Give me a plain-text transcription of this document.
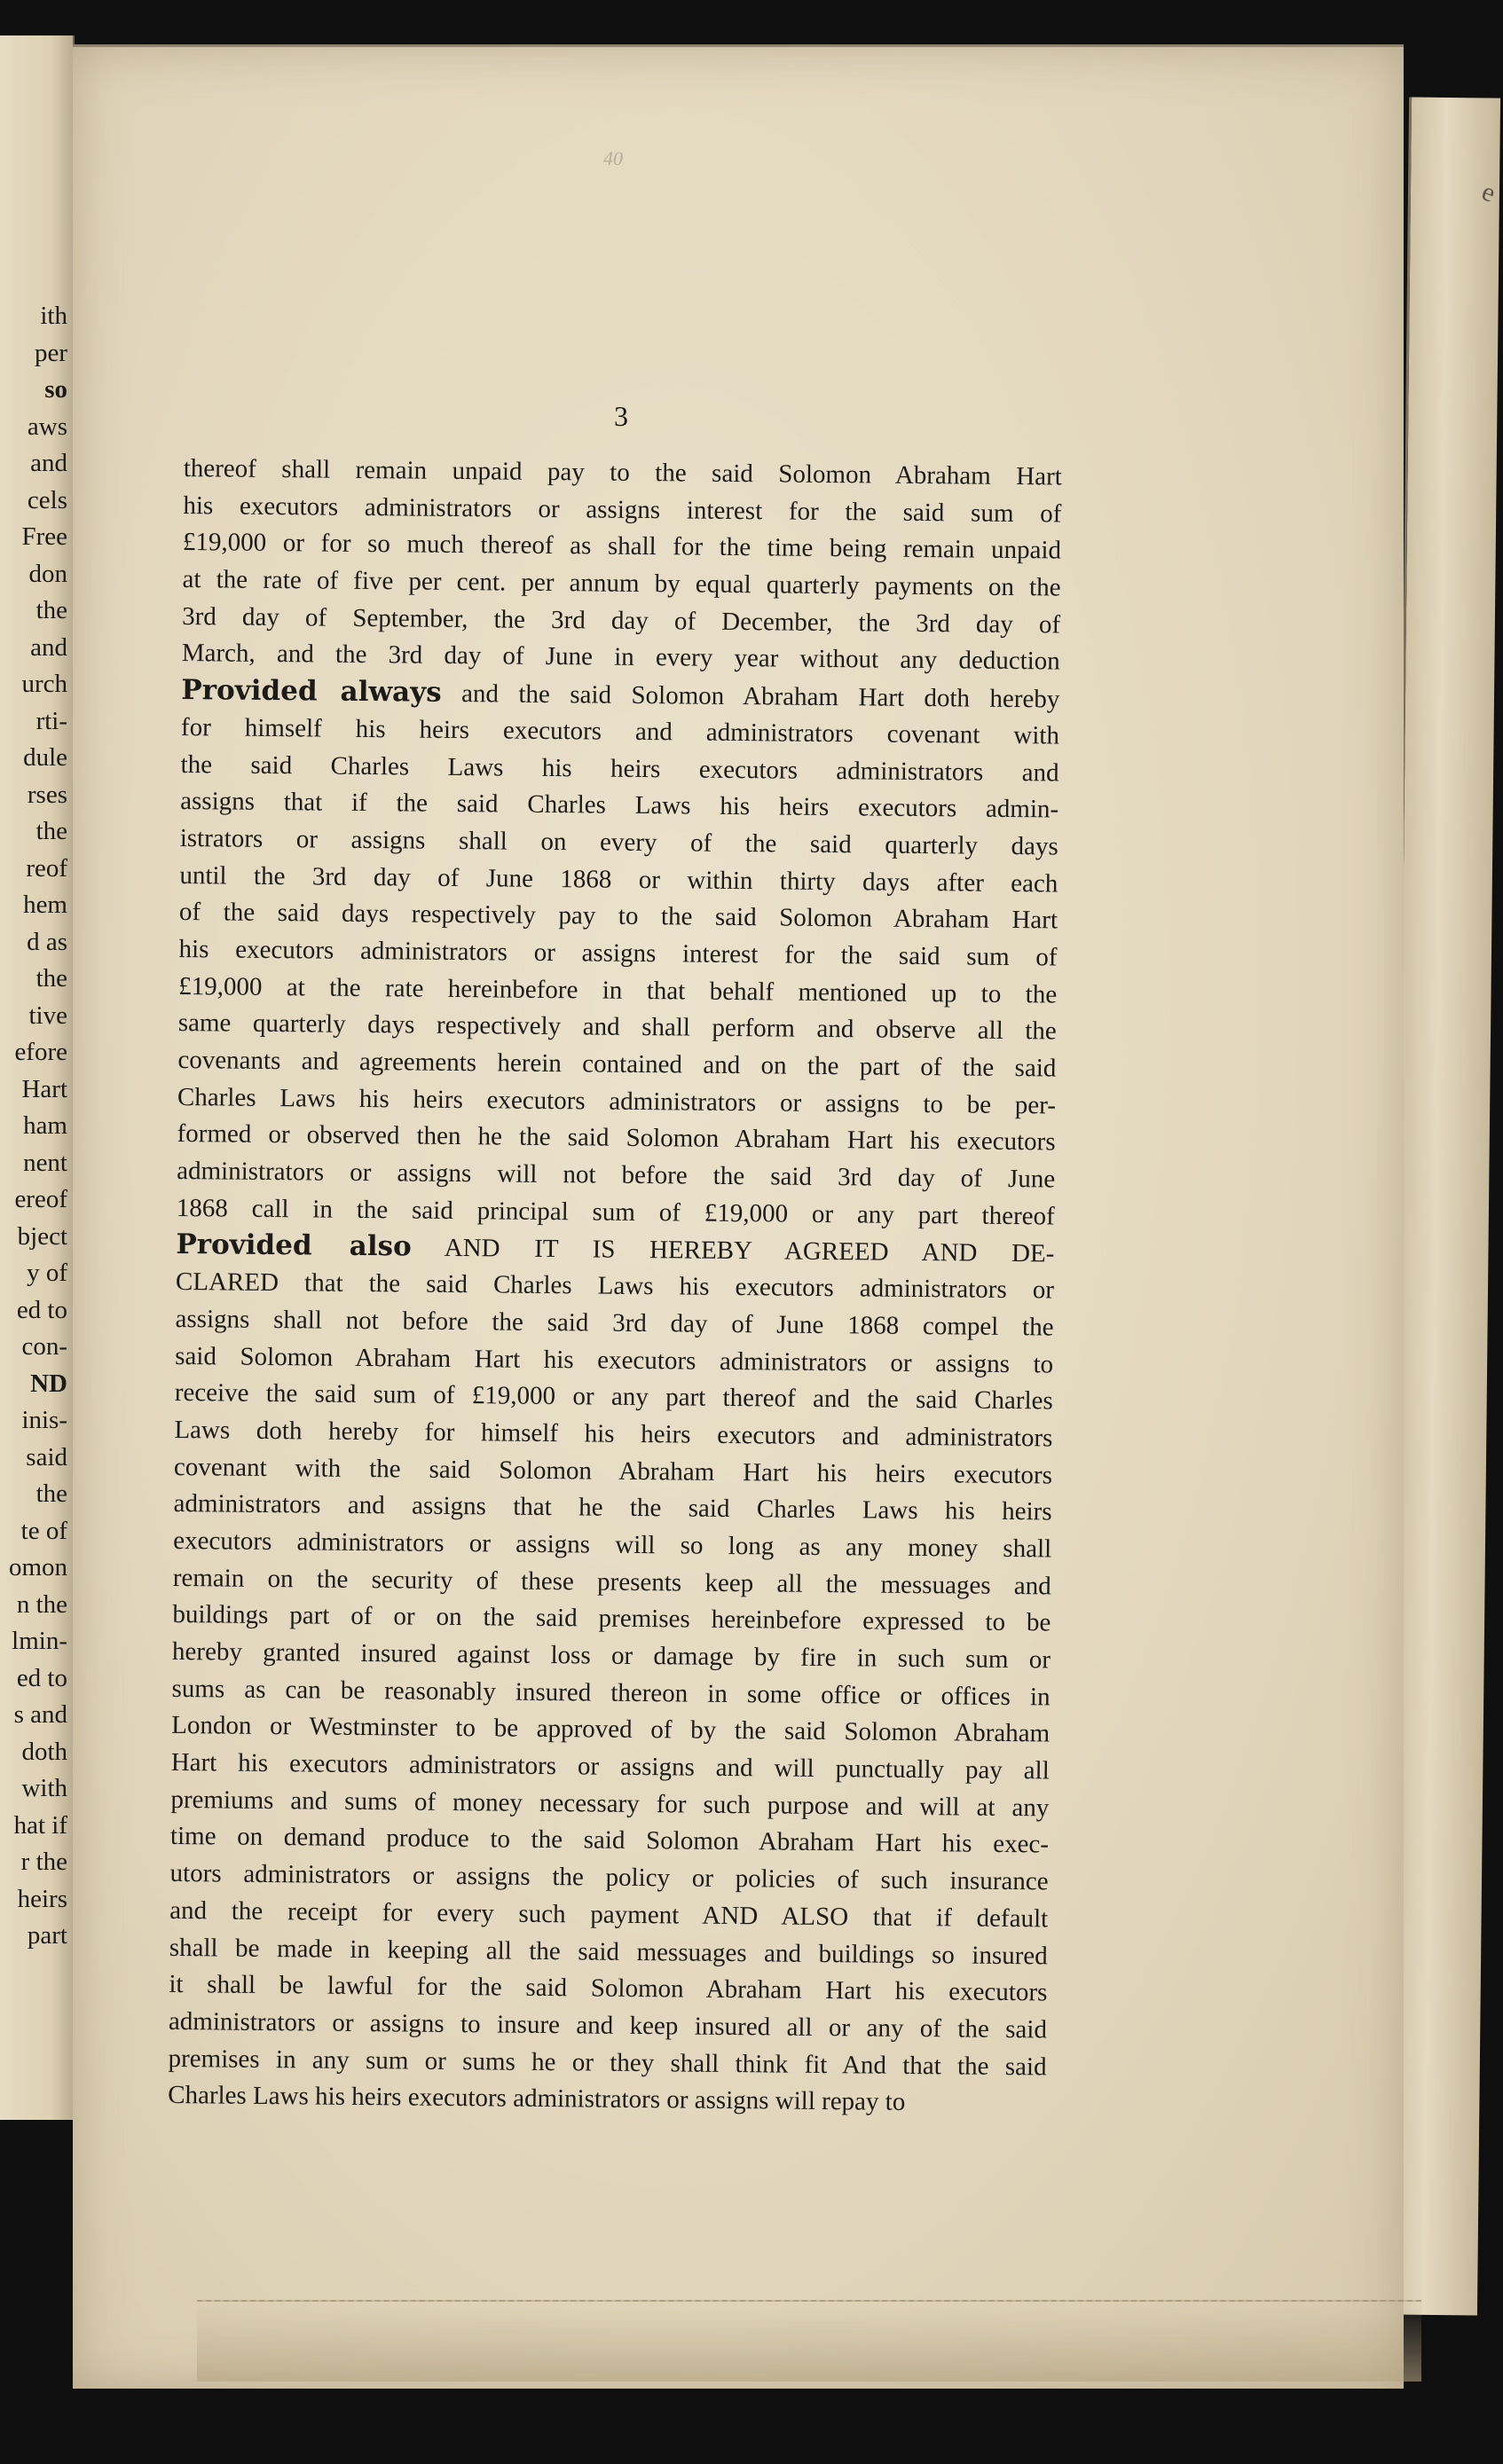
ith
per
so
aws
and
cels
Free
don
the
and
urch
rti-
dule
rses
the
reof
hem
d as
the
tive
efore
Hart
ham
nent
ereof
bject
y of
ed to
con-
ND
inis-
said
the
te of
omon
n the
lmin-
ed to
s and
doth
with
hat if
r the
heirs
part
e
40
3
thereof shall remain unpaid pay to the said Solomon Abraham Hart
his executors administrators or assigns interest for the said sum of
£19,000 or for so much thereof as shall for the time being remain unpaid
at the rate of five per cent. per annum by equal quarterly payments on the
3rd day of September, the 3rd day of December, the 3rd day of
March, and the 3rd day of June in every year without any deduction
Provided always and the said Solomon Abraham Hart doth hereby
for himself his heirs executors and administrators covenant with
the said Charles Laws his heirs executors administrators and
assigns that if the said Charles Laws his heirs executors admin-
istrators or assigns shall on every of the said quarterly days
until the 3rd day of June 1868 or within thirty days after each
of the said days respectively pay to the said Solomon Abraham Hart
his executors administrators or assigns interest for the said sum of
£19,000 at the rate hereinbefore in that behalf mentioned up to the
same quarterly days respectively and shall perform and observe all the
covenants and agreements herein contained and on the part of the said
Charles Laws his heirs executors administrators or assigns to be per-
formed or observed then he the said Solomon Abraham Hart his executors
administrators or assigns will not before the said 3rd day of June
1868 call in the said principal sum of £19,000 or any part thereof
Provided also AND IT IS HEREBY AGREED AND DE-
CLARED that the said Charles Laws his executors administrators or
assigns shall not before the said 3rd day of June 1868 compel the
said Solomon Abraham Hart his executors administrators or assigns to
receive the said sum of £19,000 or any part thereof and the said Charles
Laws doth hereby for himself his heirs executors and administrators
covenant with the said Solomon Abraham Hart his heirs executors
administrators and assigns that he the said Charles Laws his heirs
executors administrators or assigns will so long as any money shall
remain on the security of these presents keep all the messuages and
buildings part of or on the said premises hereinbefore expressed to be
hereby granted insured against loss or damage by fire in such sum or
sums as can be reasonably insured thereon in some office or offices in
London or Westminster to be approved of by the said Solomon Abraham
Hart his executors administrators or assigns and will punctually pay all
premiums and sums of money necessary for such purpose and will at any
time on demand produce to the said Solomon Abraham Hart his exec-
utors administrators or assigns the policy or policies of such insurance
and the receipt for every such payment AND ALSO that if default
shall be made in keeping all the said messuages and buildings so insured
it shall be lawful for the said Solomon Abraham Hart his executors
administrators or assigns to insure and keep insured all or any of the said
premises in any sum or sums he or they shall think fit And that the said
Charles Laws his heirs executors administrators or assigns will repay to
